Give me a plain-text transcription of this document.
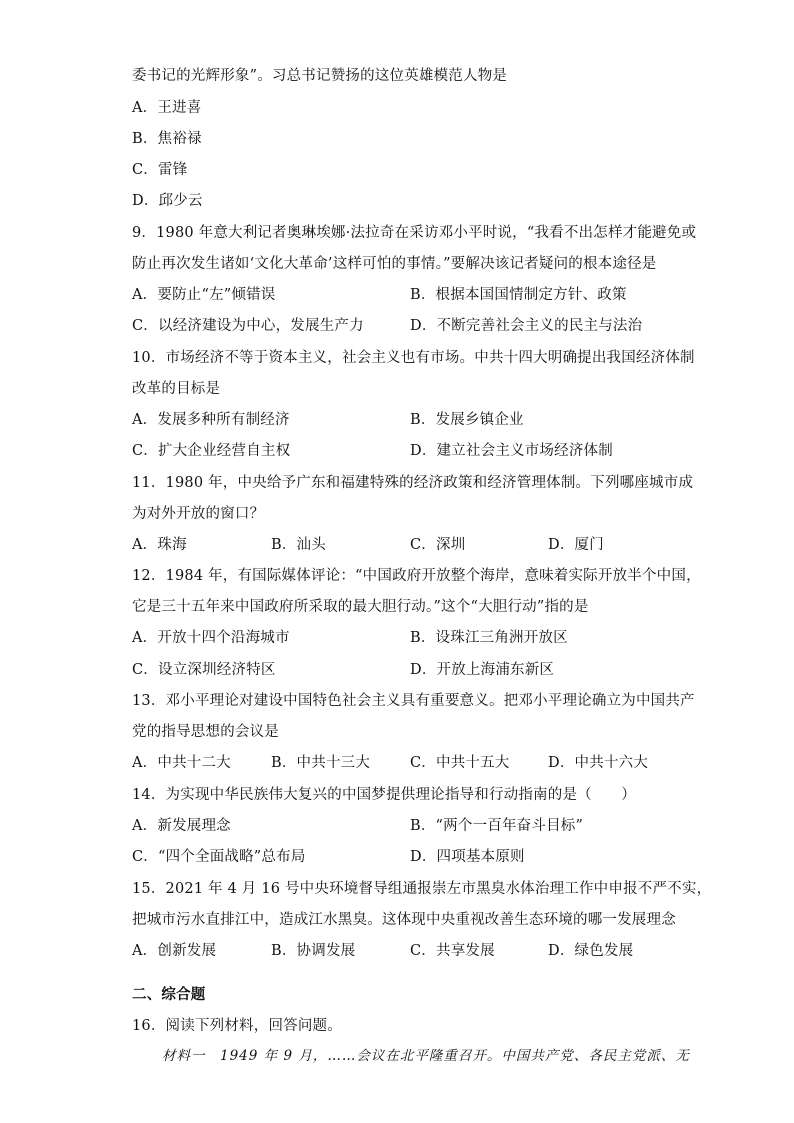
委书记的光辉形象”。习总书记赞扬的这位英雄模范人物是
A．王进喜
B．焦裕禄
C．雷锋
D．邱少云
9．1980 年意大利记者奥琳埃娜·法拉奇在采访邓小平时说，“我看不出怎样才能避免或
防止再次发生诸如‘文化大革命’这样可怕的事情。”要解决该记者疑问的根本途径是
A．要防止“左”倾错误	B．根据本国国情制定方针、政策
C．以经济建设为中心，发展生产力	D．不断完善社会主义的民主与法治
10．市场经济不等于资本主义，社会主义也有市场。中共十四大明确提出我国经济体制
改革的目标是
A．发展多种所有制经济	B．发展乡镇企业
C．扩大企业经营自主权	D．建立社会主义市场经济体制
11．1980 年，中央给予广东和福建特殊的经济政策和经济管理体制。下列哪座城市成
为对外开放的窗口？
A．珠海	B．汕头	C．深圳	D．厦门
12．1984 年，有国际媒体评论：“中国政府开放整个海岸，意味着实际开放半个中国，
它是三十五年来中国政府所采取的最大胆行动。”这个“大胆行动”指的是
A．开放十四个沿海城市	B．设珠江三角洲开放区
C．设立深圳经济特区	D．开放上海浦东新区
13．邓小平理论对建设中国特色社会主义具有重要意义。把邓小平理论确立为中国共产
党的指导思想的会议是
A．中共十二大	B．中共十三大	C．中共十五大	D．中共十六大
14．为实现中华民族伟大复兴的中国梦提供理论指导和行动指南的是（　　）
A．新发展理念	B．“两个一百年奋斗目标”
C．“四个全面战略”总布局	D．四项基本原则
15．2021 年 4 月 16 号中央环境督导组通报崇左市黑臭水体治理工作中申报不严不实，
把城市污水直排江中，造成江水黑臭。这体现中央重视改善生态环境的哪一发展理念
A．创新发展	B．协调发展	C．共享发展	D．绿色发展
二、综合题
16．阅读下列材料，回答问题。
材料一　1949 年 9 月，……会议在北平隆重召开。中国共产党、各民主党派、无
